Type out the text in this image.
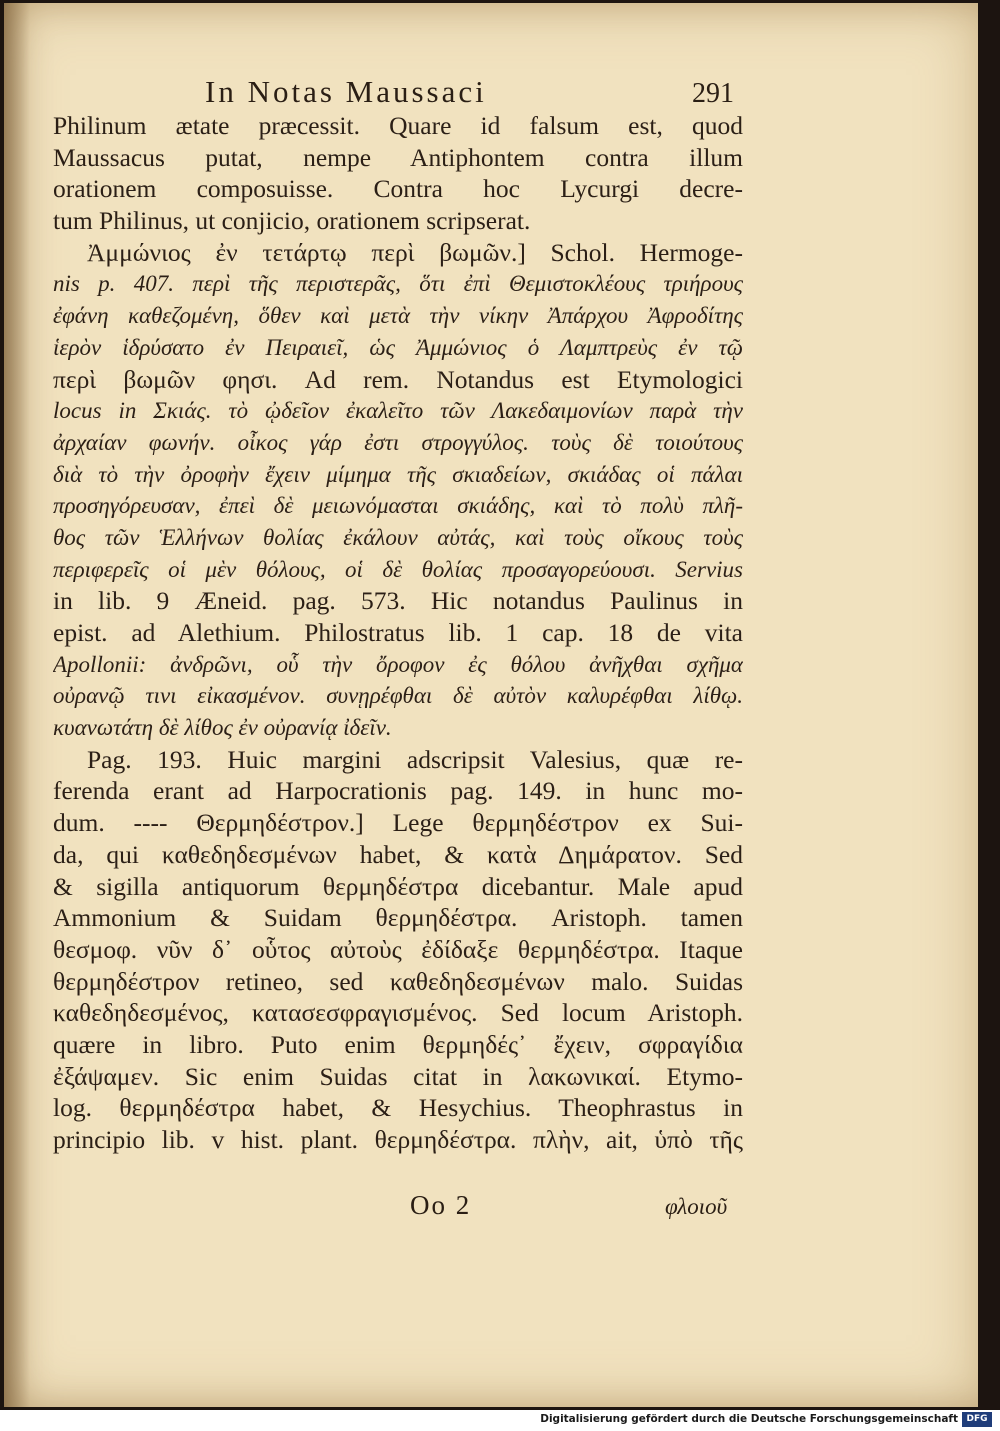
In Notas Maussaci	291
Philinum ætate præcessit. Quare id falsum est, quod
Maussacus putat, nempe Antiphontem contra illum
orationem composuisse. Contra hoc Lycurgi decre-
tum Philinus, ut conjicio, orationem scripserat.
Ἀμμώνιος ἐν τετάρτῳ περὶ βωμῶν.] Schol. Hermoge-
nis p. 407. περὶ τῆς περιστερᾶς, ὅτι ἐπὶ Θεμιστοκλέους τριήρους
ἐφάνη καθεζομένη, ὅθεν καὶ μετὰ τὴν νίκην Ἀπάρχου Ἀφροδίτης
ἱερὸν ἱδρύσατο ἐν Πειραιεῖ, ὡς Ἀμμώνιος ὁ Λαμπτρεὺς ἐν τῷ
περὶ βωμῶν φησι. Ad rem. Notandus est Etymologici
locus in Σκιάς. τὸ ᾠδεῖον ἐκαλεῖτο τῶν Λακεδαιμονίων παρὰ τὴν
ἀρχαίαν φωνήν. οἶκος γάρ ἐστι στρογγύλος. τοὺς δὲ τοιούτους
διὰ τὸ τὴν ὀροφὴν ἔχειν μίμημα τῆς σκιαδείων, σκιάδας οἱ πάλαι
προσηγόρευσαν, ἐπεὶ δὲ μειωνόμασται σκιάδης, καὶ τὸ πολὺ πλῆ-
θος τῶν Ἑλλήνων θολίας ἐκάλουν αὐτάς, καὶ τοὺς οἴκους τοὺς
περιφερεῖς οἱ μὲν θόλους, οἱ δὲ θολίας προσαγορεύουσι. Servius
in lib. 9 Æneid. pag. 573. Hic notandus Paulinus in
epist. ad Alethium. Philostratus lib. 1 cap. 18 de vita
Apollonii: ἀνδρῶνι, οὗ τὴν ὄροφον ἐς θόλου ἀνῆχθαι σχῆμα
οὐρανῷ τινι εἰκασμένον. συνῃρέφθαι δὲ αὐτὸν καλυρέφθαι λίθῳ.
κυανωτάτη δὲ λίθος ἐν οὐρανίᾳ ἰδεῖν.
Pag. 193. Huic margini adscripsit Valesius, quæ re-
ferenda erant ad Harpocrationis pag. 149. in hunc mo-
dum. ---- Θερμηδέστρον.] Lege θερμηδέστρον ex Sui-
da, qui καθεδηδεσμένων habet, & κατὰ Δημάρατον. Sed
& sigilla antiquorum θερμηδέστρα dicebantur. Male apud
Ammonium & Suidam θερμηδέστρα. Aristoph. tamen
θεσμοφ. νῦν δ᾽ οὗτος αὐτοὺς ἐδίδαξε θερμηδέστρα. Itaque
θερμηδέστρον retineo, sed καθεδηδεσμένων malo. Suidas
καθεδηδεσμένος, κατασεσφραγισμένος. Sed locum Aristoph.
quære in libro. Puto enim θερμηδές᾽ ἔχειν, σφραγίδια
ἐξάψαμεν. Sic enim Suidas citat in λακωνικαί. Etymo-
log. θερμηδέστρα habet, & Hesychius. Theophrastus in
principio lib. v hist. plant. θερμηδέστρα. πλὴν, ait, ὑπὸ τῆς
Oo 2	φλοιοῦ
Digitalisierung gefördert durch die Deutsche Forschungsgemeinschaft DFG
